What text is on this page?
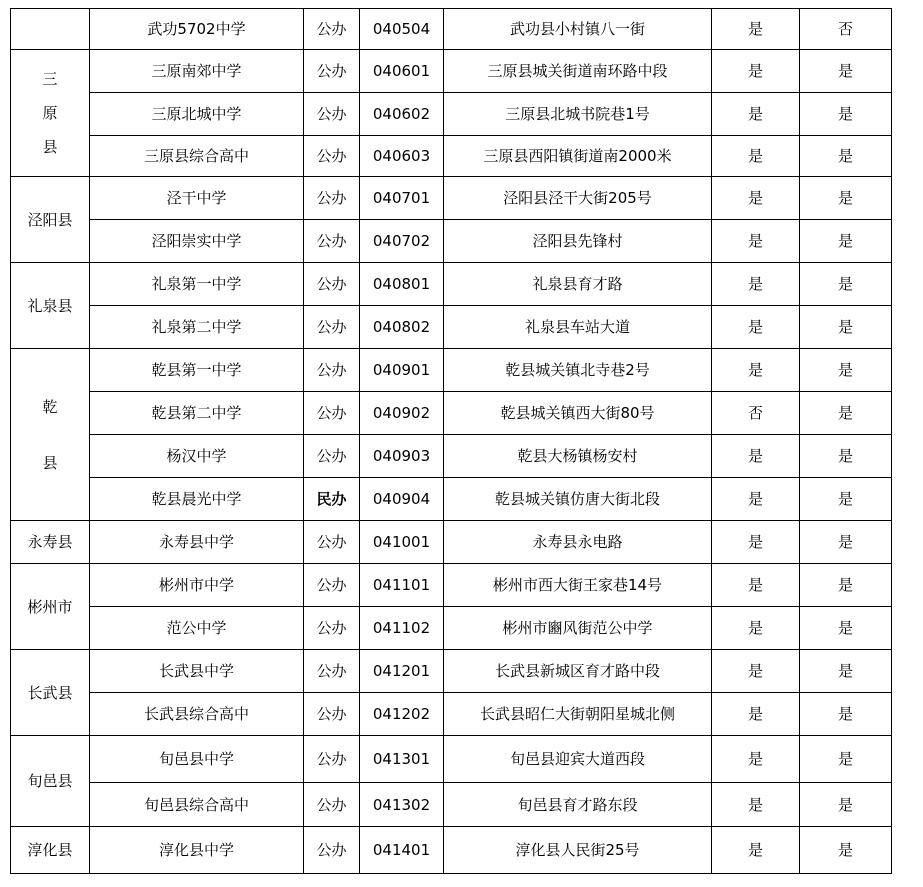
	武功5702中学	公办	040504	武功县小村镇八一街	是	否
三原县	三原南郊中学	公办	040601	三原县城关街道南环路中段	是	是
	三原北城中学	公办	040602	三原县北城书院巷1号	是	是
	三原县综合高中	公办	040603	三原县西阳镇街道南2000米	是	是
泾阳县	泾干中学	公办	040701	泾阳县泾干大街205号	是	是
	泾阳崇实中学	公办	040702	泾阳县先锋村	是	是
礼泉县	礼泉第一中学	公办	040801	礼泉县育才路	是	是
	礼泉第二中学	公办	040802	礼泉县车站大道	是	是
乾县	乾县第一中学	公办	040901	乾县城关镇北寺巷2号	是	是
	乾县第二中学	公办	040902	乾县城关镇西大街80号	否	是
	杨汉中学	公办	040903	乾县大杨镇杨安村	是	是
	乾县晨光中学	民办	040904	乾县城关镇仿唐大街北段	是	是
永寿县	永寿县中学	公办	041001	永寿县永电路	是	是
彬州市	彬州市中学	公办	041101	彬州市西大街王家巷14号	是	是
	范公中学	公办	041102	彬州市豳风街范公中学	是	是
长武县	长武县中学	公办	041201	长武县新城区育才路中段	是	是
	长武县综合高中	公办	041202	长武县昭仁大街朝阳星城北侧	是	是
旬邑县	旬邑县中学	公办	041301	旬邑县迎宾大道西段	是	是
	旬邑县综合高中	公办	041302	旬邑县育才路东段	是	是
淳化县	淳化县中学	公办	041401	淳化县人民街25号	是	是
